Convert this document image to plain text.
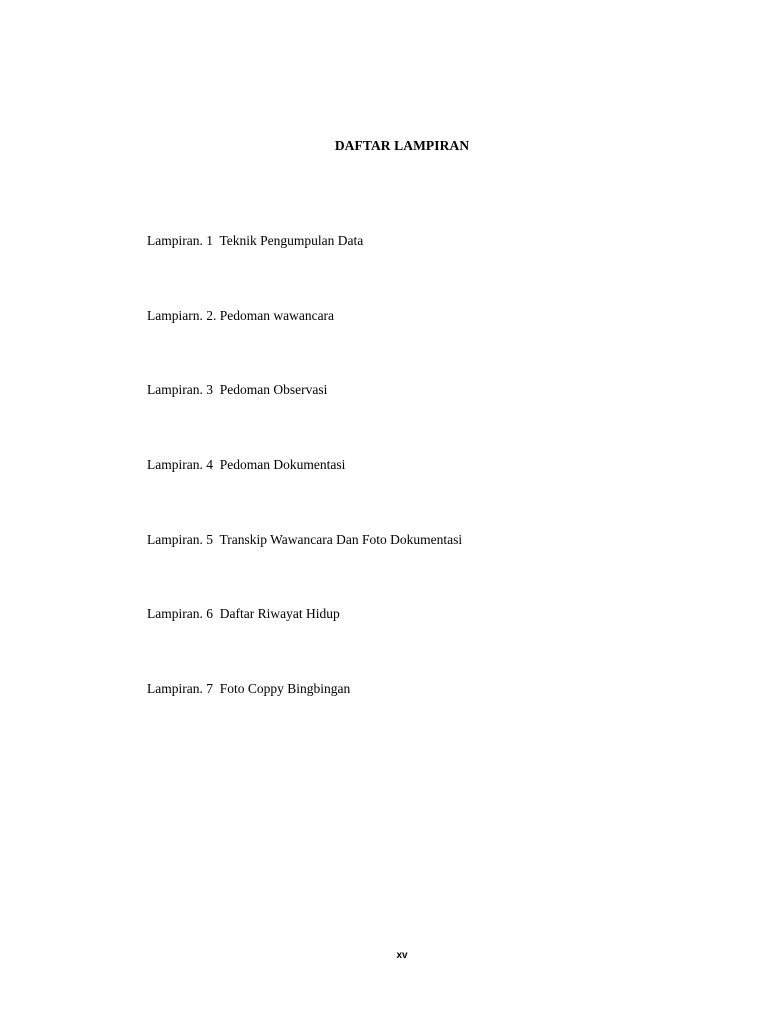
DAFTAR LAMPIRAN
Lampiran. 1  Teknik Pengumpulan Data
Lampiarn. 2. Pedoman wawancara
Lampiran. 3  Pedoman Observasi
Lampiran. 4  Pedoman Dokumentasi
Lampiran. 5  Transkip Wawancara Dan Foto Dokumentasi
Lampiran. 6  Daftar Riwayat Hidup
Lampiran. 7  Foto Coppy Bingbingan
xv
